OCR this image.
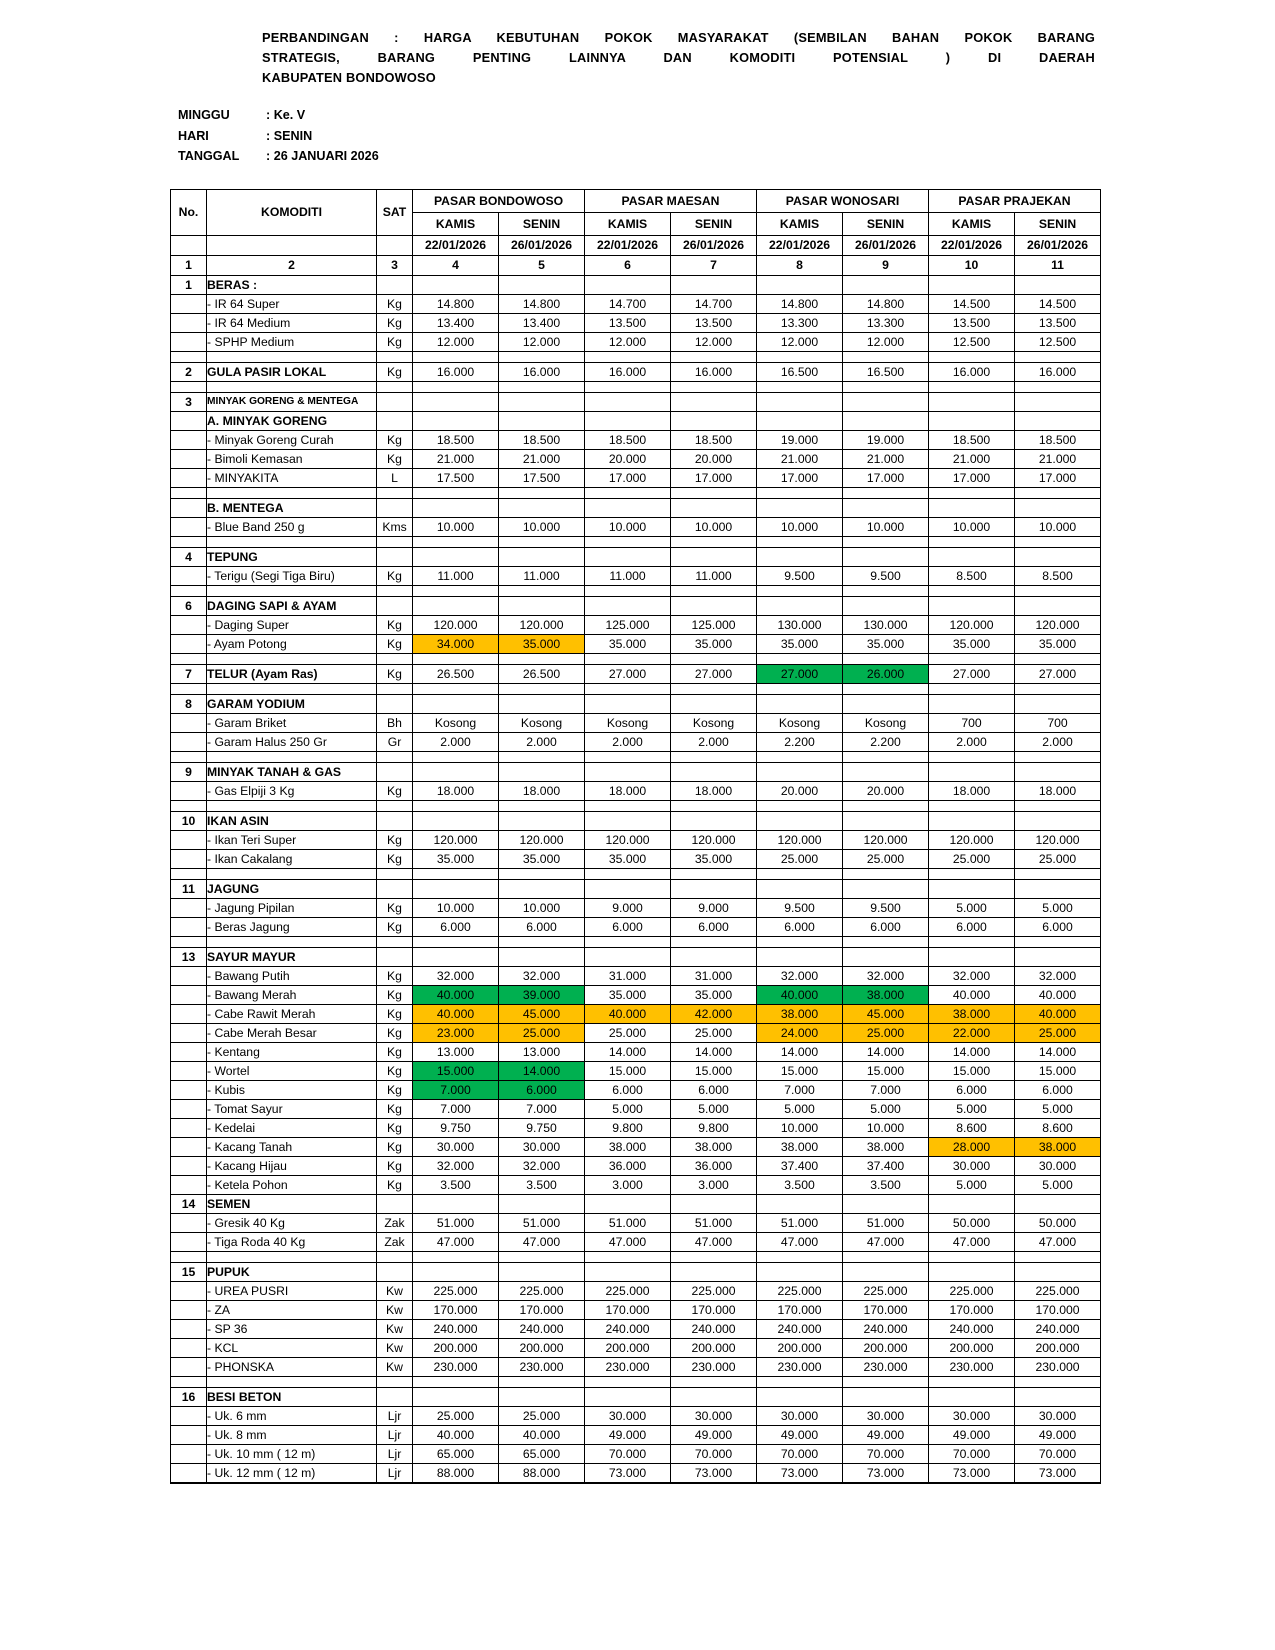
PERBANDINGAN : HARGA KEBUTUHAN POKOK MASYARAKAT (SEMBILAN BAHAN POKOK BARANG
STRATEGIS, BARANG PENTING LAINNYA DAN KOMODITI POTENSIAL ) DI DAERAH
KABUPATEN BONDOWOSO
MINGGU	: Ke. V
HARI	: SENIN
TANGGAL	: 26 JANUARI 2026
No.	KOMODITI	SAT	PASAR BONDOWOSO		PASAR MAESAN		PASAR WONOSARI		PASAR PRAJEKAN	
			KAMIS	SENIN	KAMIS	SENIN	KAMIS	SENIN	KAMIS	SENIN
			22/01/2026	26/01/2026	22/01/2026	26/01/2026	22/01/2026	26/01/2026	22/01/2026	26/01/2026
1	2	3	4	5	6	7	8	9	10	11
1	BERAS :									
	- IR 64 Super	Kg	14.800	14.800	14.700	14.700	14.800	14.800	14.500	14.500
	- IR 64 Medium	Kg	13.400	13.400	13.500	13.500	13.300	13.300	13.500	13.500
	- SPHP Medium	Kg	12.000	12.000	12.000	12.000	12.000	12.000	12.500	12.500

2	GULA PASIR LOKAL	Kg	16.000	16.000	16.000	16.000	16.500	16.500	16.000	16.000

3	MINYAK GORENG & MENTEGA									
	A. MINYAK GORENG									
	- Minyak Goreng Curah	Kg	18.500	18.500	18.500	18.500	19.000	19.000	18.500	18.500
	- Bimoli Kemasan	Kg	21.000	21.000	20.000	20.000	21.000	21.000	21.000	21.000
	- MINYAKITA	L	17.500	17.500	17.000	17.000	17.000	17.000	17.000	17.000

	B. MENTEGA									
	- Blue Band 250 g	Kms	10.000	10.000	10.000	10.000	10.000	10.000	10.000	10.000

4	TEPUNG									
	- Terigu (Segi Tiga Biru)	Kg	11.000	11.000	11.000	11.000	9.500	9.500	8.500	8.500

6	DAGING SAPI & AYAM									
	- Daging Super	Kg	120.000	120.000	125.000	125.000	130.000	130.000	120.000	120.000
	- Ayam Potong	Kg	34.000	35.000	35.000	35.000	35.000	35.000	35.000	35.000

7	TELUR (Ayam Ras)	Kg	26.500	26.500	27.000	27.000	27.000	26.000	27.000	27.000

8	GARAM YODIUM									
	- Garam Briket	Bh	Kosong	Kosong	Kosong	Kosong	Kosong	Kosong	700	700
	- Garam Halus 250 Gr	Gr	2.000	2.000	2.000	2.000	2.200	2.200	2.000	2.000

9	MINYAK TANAH & GAS									
	- Gas Elpiji 3 Kg	Kg	18.000	18.000	18.000	18.000	20.000	20.000	18.000	18.000

10	IKAN ASIN									
	- Ikan Teri Super	Kg	120.000	120.000	120.000	120.000	120.000	120.000	120.000	120.000
	- Ikan Cakalang	Kg	35.000	35.000	35.000	35.000	25.000	25.000	25.000	25.000

11	JAGUNG									
	- Jagung Pipilan	Kg	10.000	10.000	9.000	9.000	9.500	9.500	5.000	5.000
	- Beras Jagung	Kg	6.000	6.000	6.000	6.000	6.000	6.000	6.000	6.000

13	SAYUR MAYUR									
	- Bawang Putih	Kg	32.000	32.000	31.000	31.000	32.000	32.000	32.000	32.000
	- Bawang Merah	Kg	40.000	39.000	35.000	35.000	40.000	38.000	40.000	40.000
	- Cabe Rawit Merah	Kg	40.000	45.000	40.000	42.000	38.000	45.000	38.000	40.000
	- Cabe Merah Besar	Kg	23.000	25.000	25.000	25.000	24.000	25.000	22.000	25.000
	- Kentang	Kg	13.000	13.000	14.000	14.000	14.000	14.000	14.000	14.000
	- Wortel	Kg	15.000	14.000	15.000	15.000	15.000	15.000	15.000	15.000
	- Kubis	Kg	7.000	6.000	6.000	6.000	7.000	7.000	6.000	6.000
	- Tomat Sayur	Kg	7.000	7.000	5.000	5.000	5.000	5.000	5.000	5.000
	- Kedelai	Kg	9.750	9.750	9.800	9.800	10.000	10.000	8.600	8.600
	- Kacang Tanah	Kg	30.000	30.000	38.000	38.000	38.000	38.000	28.000	38.000
	- Kacang Hijau	Kg	32.000	32.000	36.000	36.000	37.400	37.400	30.000	30.000
	- Ketela Pohon	Kg	3.500	3.500	3.000	3.000	3.500	3.500	5.000	5.000
14	SEMEN									
	- Gresik 40 Kg	Zak	51.000	51.000	51.000	51.000	51.000	51.000	50.000	50.000
	- Tiga Roda 40 Kg	Zak	47.000	47.000	47.000	47.000	47.000	47.000	47.000	47.000

15	PUPUK									
	- UREA PUSRI	Kw	225.000	225.000	225.000	225.000	225.000	225.000	225.000	225.000
	- ZA	Kw	170.000	170.000	170.000	170.000	170.000	170.000	170.000	170.000
	- SP 36	Kw	240.000	240.000	240.000	240.000	240.000	240.000	240.000	240.000
	- KCL	Kw	200.000	200.000	200.000	200.000	200.000	200.000	200.000	200.000
	- PHONSKA	Kw	230.000	230.000	230.000	230.000	230.000	230.000	230.000	230.000

16	BESI BETON									
	- Uk. 6 mm	Ljr	25.000	25.000	30.000	30.000	30.000	30.000	30.000	30.000
	- Uk. 8 mm	Ljr	40.000	40.000	49.000	49.000	49.000	49.000	49.000	49.000
	- Uk. 10 mm ( 12 m)	Ljr	65.000	65.000	70.000	70.000	70.000	70.000	70.000	70.000
	- Uk. 12 mm ( 12 m)	Ljr	88.000	88.000	73.000	73.000	73.000	73.000	73.000	73.000
